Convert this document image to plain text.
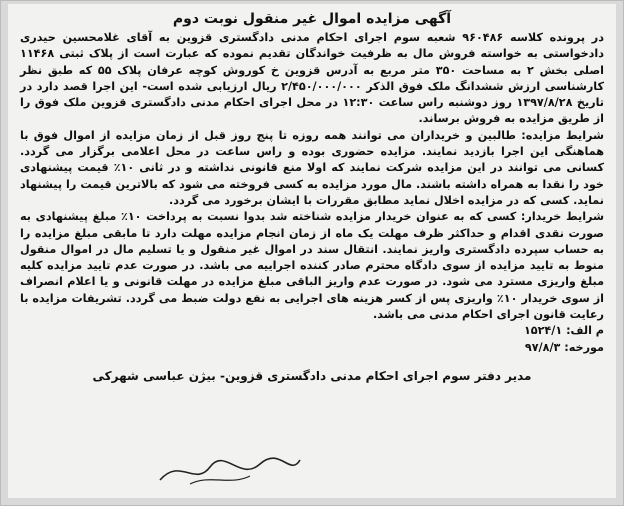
آگهی مزایده اموال غیر منقول نوبت دوم

در پرونده کلاسه ۹۶۰۴۸۶ شعبه سوم اجرای احکام مدنی دادگستری قزوین به آقای غلامحسین حیدری دادخواستی به خواسته فروش مال به ظرفیت خواندگان تقدیم نموده که عبارت است از پلاک ثبتی ۱۱۴۶۸ اصلی بخش ۲ به مساحت ۳۵۰ متر مربع به آدرس قزوین خ کوروش کوچه عرفان پلاک ۵۵ که طبق نظر کارشناسی ارزش ششدانگ ملک فوق الذکر ۲/۴۵۰/۰۰۰/۰۰۰ ریال ارزیابی شده است- این اجرا قصد دارد در تاریخ ۱۳۹۷/۸/۲۸ روز دوشنبه راس ساعت ۱۲:۳۰ در محل اجرای احکام مدنی دادگستری قزوین ملک فوق را از طریق مزایده به فروش برساند.

شرایط مزایده: طالبین و خریداران می توانند همه روزه تا پنج روز قبل از زمان مزایده از اموال فوق با هماهنگی این اجرا بازدید نمایند. مزایده حضوری بوده و راس ساعت در محل اعلامی برگزار می گردد. کسانی می توانند در این مزایده شرکت نمایند که اولا منع قانونی نداشته و در ثانی ۱۰٪ قیمت پیشنهادی خود را نقدا به همراه داشته باشند. مال مورد مزایده به کسی فروخته می شود که بالاترین قیمت را پیشنهاد نماید. کسی که در مزایده اخلال نماید مطابق مقررات با ایشان برخورد می گردد.

شرایط خریدار: کسی که به عنوان خریدار مزایده شناخته شد بدوا نسبت به پرداخت ۱۰٪ مبلغ پیشنهادی به صورت نقدی اقدام و حداکثر ظرف مهلت یک ماه از زمان انجام مزایده مهلت دارد تا مابقی مبلغ مزایده را به حساب سپرده دادگستری واریز نمایند. انتقال سند در اموال غیر منقول و یا تسلیم مال در اموال منقول منوط به تایید مزایده از سوی دادگاه محترم صادر کننده اجراییه می باشد. در صورت عدم تایید مزایده کلیه مبلغ واریزی مسترد می شود. در صورت عدم واریز الباقی مبلغ مزایده در مهلت قانونی و یا اعلام انصراف از سوی خریدار ۱۰٪ واریزی پس از کسر هزینه های اجرایی به نفع دولت ضبط می گردد. تشریفات مزایده با رعایت قانون اجرای احکام مدنی می باشد.

م الف: ۱۵۲۴/۱

مورخه: ۹۷/۸/۳

مدیر دفتر سوم اجرای احکام مدنی دادگستری قزوین- بیژن عباسی شهرکی
